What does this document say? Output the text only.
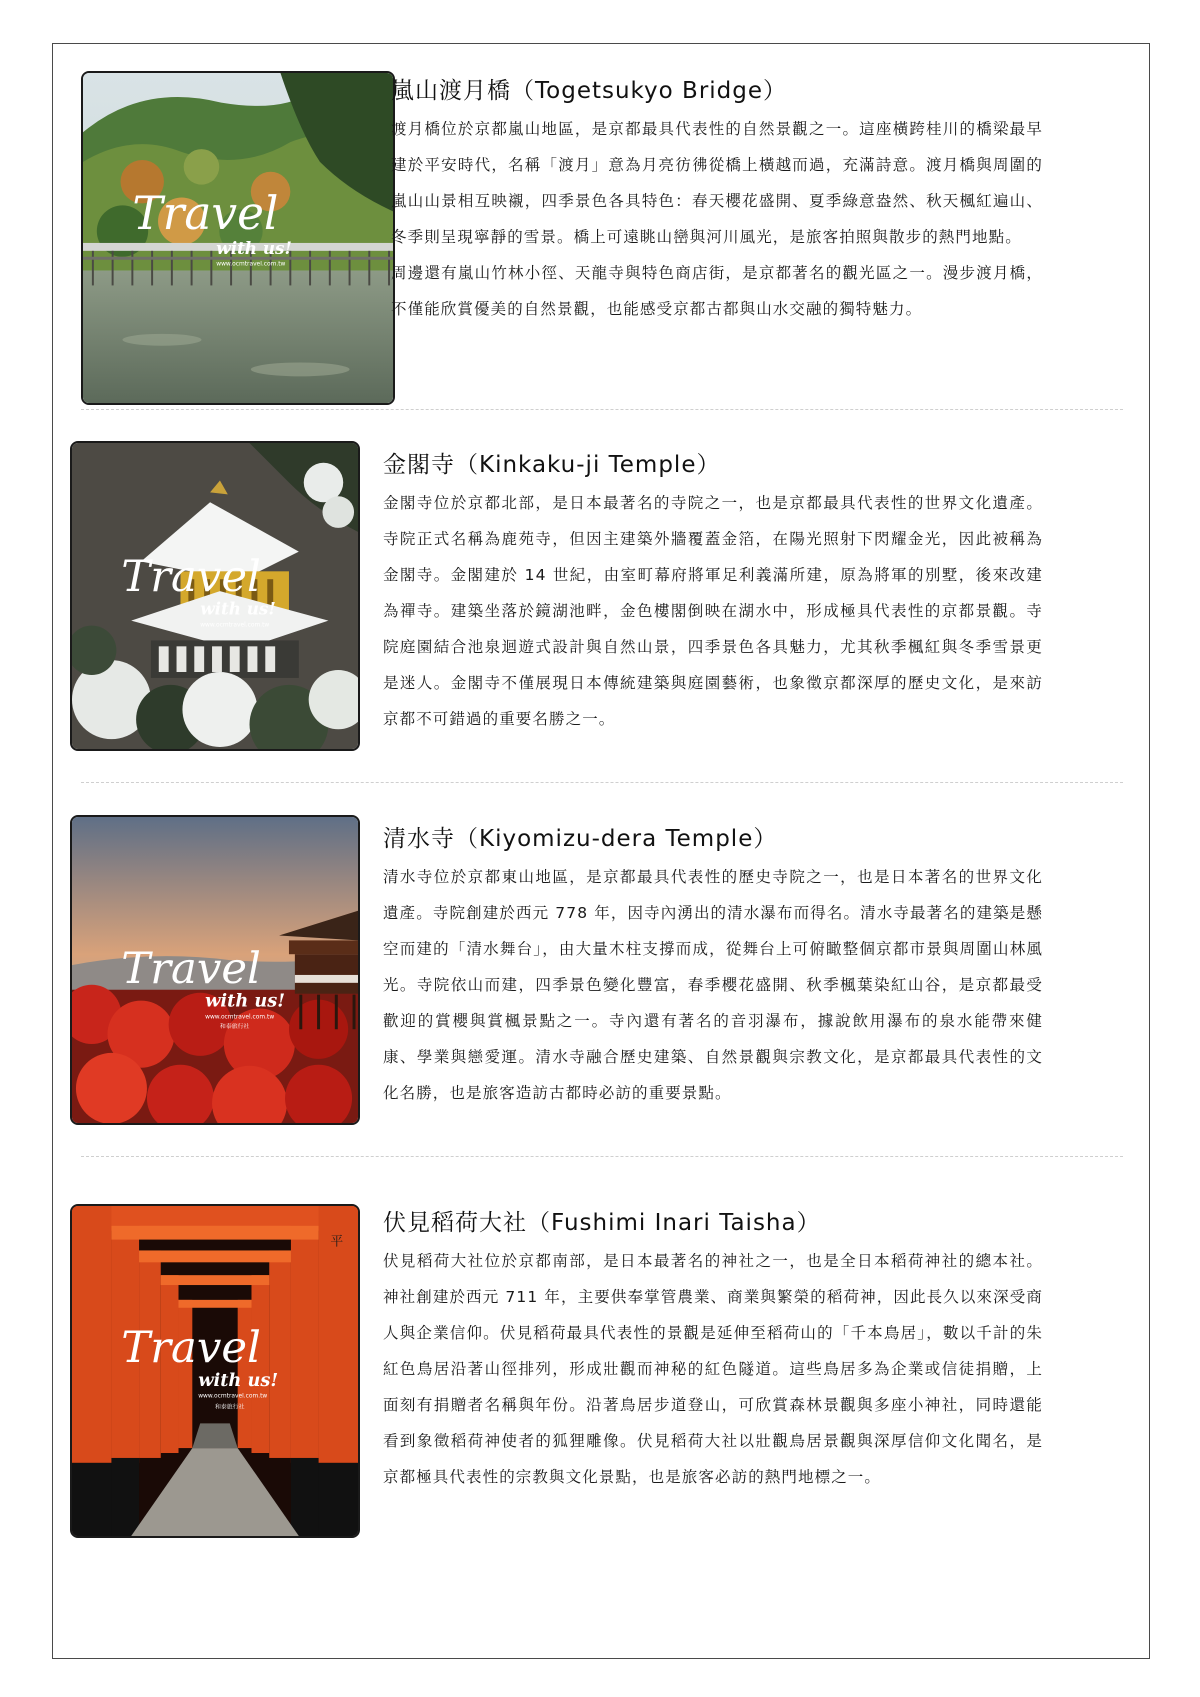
Travel
with us!
www.ocmtravel.com.tw
嵐山渡月橋（Togetsukyo Bridge）

渡月橋位於京都嵐山地區，是京都最具代表性的自然景觀之一。這座橫跨桂川的橋梁最早建於平安時代，名稱「渡月」意為月亮彷彿從橋上橫越而過，充滿詩意。渡月橋與周圍的嵐山山景相互映襯，四季景色各具特色：春天櫻花盛開、夏季綠意盎然、秋天楓紅遍山、冬季則呈現寧靜的雪景。橋上可遠眺山巒與河川風光，是旅客拍照與散步的熱門地點。

周邊還有嵐山竹林小徑、天龍寺與特色商店街，是京都著名的觀光區之一。漫步渡月橋，不僅能欣賞優美的自然景觀，也能感受京都古都與山水交融的獨特魅力。

Travel
with us!
www.ocmtravel.com.tw
金閣寺（Kinkaku-ji Temple）

金閣寺位於京都北部，是日本最著名的寺院之一，也是京都最具代表性的世界文化遺產。寺院正式名稱為鹿苑寺，但因主建築外牆覆蓋金箔，在陽光照射下閃耀金光，因此被稱為金閣寺。金閣建於 14 世紀，由室町幕府將軍足利義滿所建，原為將軍的別墅，後來改建為禪寺。建築坐落於鏡湖池畔，金色樓閣倒映在湖水中，形成極具代表性的京都景觀。寺院庭園結合池泉迴遊式設計與自然山景，四季景色各具魅力，尤其秋季楓紅與冬季雪景更是迷人。金閣寺不僅展現日本傳統建築與庭園藝術，也象徵京都深厚的歷史文化，是來訪京都不可錯過的重要名勝之一。

Travel
with us!
www.ocmtravel.com.tw
和泰旅行社
清水寺（Kiyomizu-dera Temple）

清水寺位於京都東山地區，是京都最具代表性的歷史寺院之一，也是日本著名的世界文化遺產。寺院創建於西元 778 年，因寺內湧出的清水瀑布而得名。清水寺最著名的建築是懸空而建的「清水舞台」，由大量木柱支撐而成，從舞台上可俯瞰整個京都市景與周圍山林風光。寺院依山而建，四季景色變化豐富，春季櫻花盛開、秋季楓葉染紅山谷，是京都最受歡迎的賞櫻與賞楓景點之一。寺內還有著名的音羽瀑布，據說飲用瀑布的泉水能帶來健康、學業與戀愛運。清水寺融合歷史建築、自然景觀與宗教文化，是京都最具代表性的文化名勝，也是旅客造訪古都時必訪的重要景點。

平
Travel
with us!
www.ocmtravel.com.tw
和泰旅行社
伏見稻荷大社（Fushimi Inari Taisha）

伏見稻荷大社位於京都南部，是日本最著名的神社之一，也是全日本稻荷神社的總本社。神社創建於西元 711 年，主要供奉掌管農業、商業與繁榮的稻荷神，因此長久以來深受商人與企業信仰。伏見稻荷最具代表性的景觀是延伸至稻荷山的「千本鳥居」，數以千計的朱紅色鳥居沿著山徑排列，形成壯觀而神秘的紅色隧道。這些鳥居多為企業或信徒捐贈，上面刻有捐贈者名稱與年份。沿著鳥居步道登山，可欣賞森林景觀與多座小神社，同時還能看到象徵稻荷神使者的狐狸雕像。伏見稻荷大社以壯觀鳥居景觀與深厚信仰文化聞名，是京都極具代表性的宗教與文化景點，也是旅客必訪的熱門地標之一。
